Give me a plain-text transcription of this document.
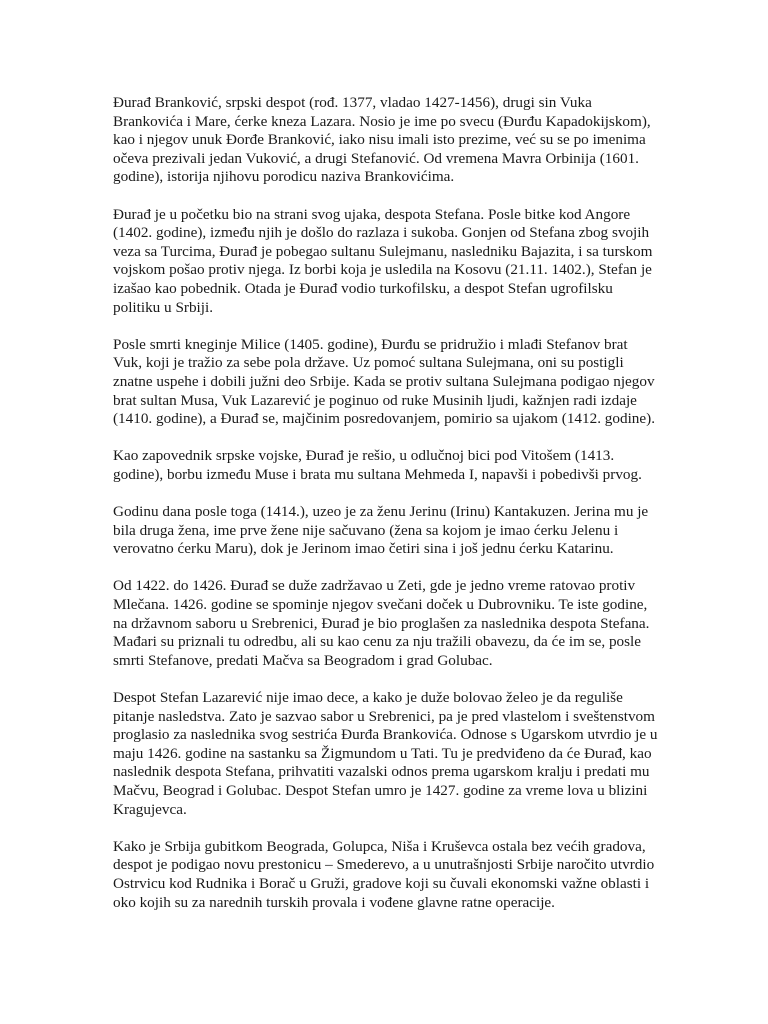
Đurađ Branković, srpski despot (rođ. 1377, vladao 1427-1456), drugi sin Vuka
Brankovića i Mare, ćerke kneza Lazara. Nosio je ime po svecu (Đurđu Kapadokijskom),
kao i njegov unuk Đorđe Branković, iako nisu imali isto prezime, već su se po imenima
očeva prezivali jedan Vuković, a drugi Stefanović. Od vremena Mavra Orbinija (1601.
godine), istorija njihovu porodicu naziva Brankovićima.

Đurađ je u početku bio na strani svog ujaka, despota Stefana. Posle bitke kod Angore
(1402. godine), između njih je došlo do razlaza i sukoba. Gonjen od Stefana zbog svojih
veza sa Turcima, Đurađ je pobegao sultanu Sulejmanu, nasledniku Bajazita, i sa turskom
vojskom pošao protiv njega. Iz borbi koja je usledila na Kosovu (21.11. 1402.), Stefan je
izašao kao pobednik. Otada je Đurađ vodio turkofilsku, a despot Stefan ugrofilsku
politiku u Srbiji.

Posle smrti kneginje Milice (1405. godine), Đurđu se pridružio i mlađi Stefanov brat
Vuk, koji je tražio za sebe pola države. Uz pomoć sultana Sulejmana, oni su postigli
znatne uspehe i dobili južni deo Srbije. Kada se protiv sultana Sulejmana podigao njegov
brat sultan Musa, Vuk Lazarević je poginuo od ruke Musinih ljudi, kažnjen radi izdaje
(1410. godine), a Đurađ se, majčinim posredovanjem, pomirio sa ujakom (1412. godine).

Kao zapovednik srpske vojske, Đurađ je rešio, u odlučnoj bici pod Vitošem (1413.
godine), borbu između Muse i brata mu sultana Mehmeda I, napavši i pobedivši prvog.

Godinu dana posle toga (1414.), uzeo je za ženu Jerinu (Irinu) Kantakuzen. Jerina mu je
bila druga žena, ime prve žene nije sačuvano (žena sa kojom je imao ćerku Jelenu i
verovatno ćerku Maru), dok je Jerinom imao četiri sina i još jednu ćerku Katarinu.

Od 1422. do 1426. Đurađ se duže zadržavao u Zeti, gde je jedno vreme ratovao protiv
Mlečana. 1426. godine se spominje njegov svečani doček u Dubrovniku. Te iste godine,
na državnom saboru u Srebrenici, Đurađ je bio proglašen za naslednika despota Stefana.
Mađari su priznali tu odredbu, ali su kao cenu za nju tražili obavezu, da će im se, posle
smrti Stefanove, predati Mačva sa Beogradom i grad Golubac.

Despot Stefan Lazarević nije imao dece, a kako je duže bolovao želeo je da reguliše
pitanje nasledstva. Zato je sazvao sabor u Srebrenici, pa je pred vlastelom i sveštenstvom
proglasio za naslednika svog sestrića Đurđa Brankovića. Odnose s Ugarskom utvrdio je u
maju 1426. godine na sastanku sa Žigmundom u Tati. Tu je predviđeno da će Đurađ, kao
naslednik despota Stefana, prihvatiti vazalski odnos prema ugarskom kralju i predati mu
Mačvu, Beograd i Golubac. Despot Stefan umro je 1427. godine za vreme lova u blizini
Kragujevca.

Kako je Srbija gubitkom Beograda, Golupca, Niša i Kruševca ostala bez većih gradova,
despot je podigao novu prestonicu – Smederevo, a u unutrašnjosti Srbije naročito utvrdio
Ostrvicu kod Rudnika i Borač u Gruži, gradove koji su čuvali ekonomski važne oblasti i
oko kojih su za narednih turskih provala i vođene glavne ratne operacije.
